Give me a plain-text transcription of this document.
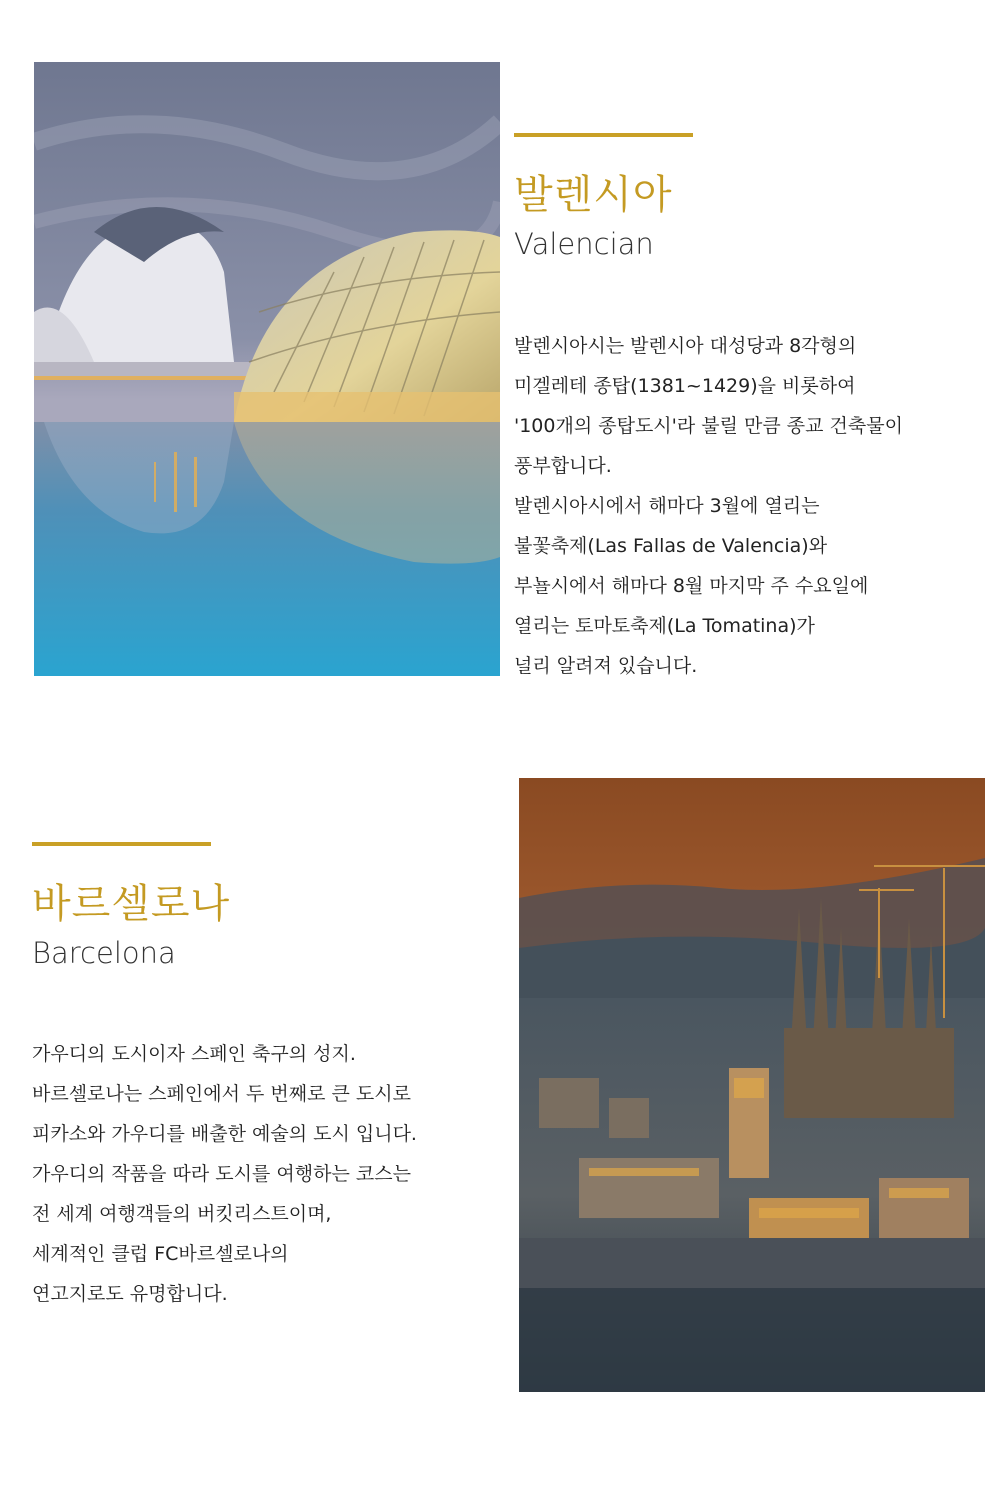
발렌시아
Valencian
발렌시아시는 발렌시아 대성당과 8각형의
미겔레테 종탑(1381~1429)을 비롯하여
'100개의 종탑도시'라 불릴 만큼 종교 건축물이
풍부합니다.
발렌시아시에서 해마다 3월에 열리는
불꽃축제(Las Fallas de Valencia)와
부뇰시에서 해마다 8월 마지막 주 수요일에
열리는 토마토축제(La Tomatina)가
널리 알려져 있습니다.
바르셀로나
Barcelona
가우디의 도시이자 스페인 축구의 성지.
바르셀로나는 스페인에서 두 번째로 큰 도시로
피카소와 가우디를 배출한 예술의 도시 입니다.
가우디의 작품을 따라 도시를 여행하는 코스는
전 세계 여행객들의 버킷리스트이며,
세계적인 클럽 FC바르셀로나의
연고지로도 유명합니다.
